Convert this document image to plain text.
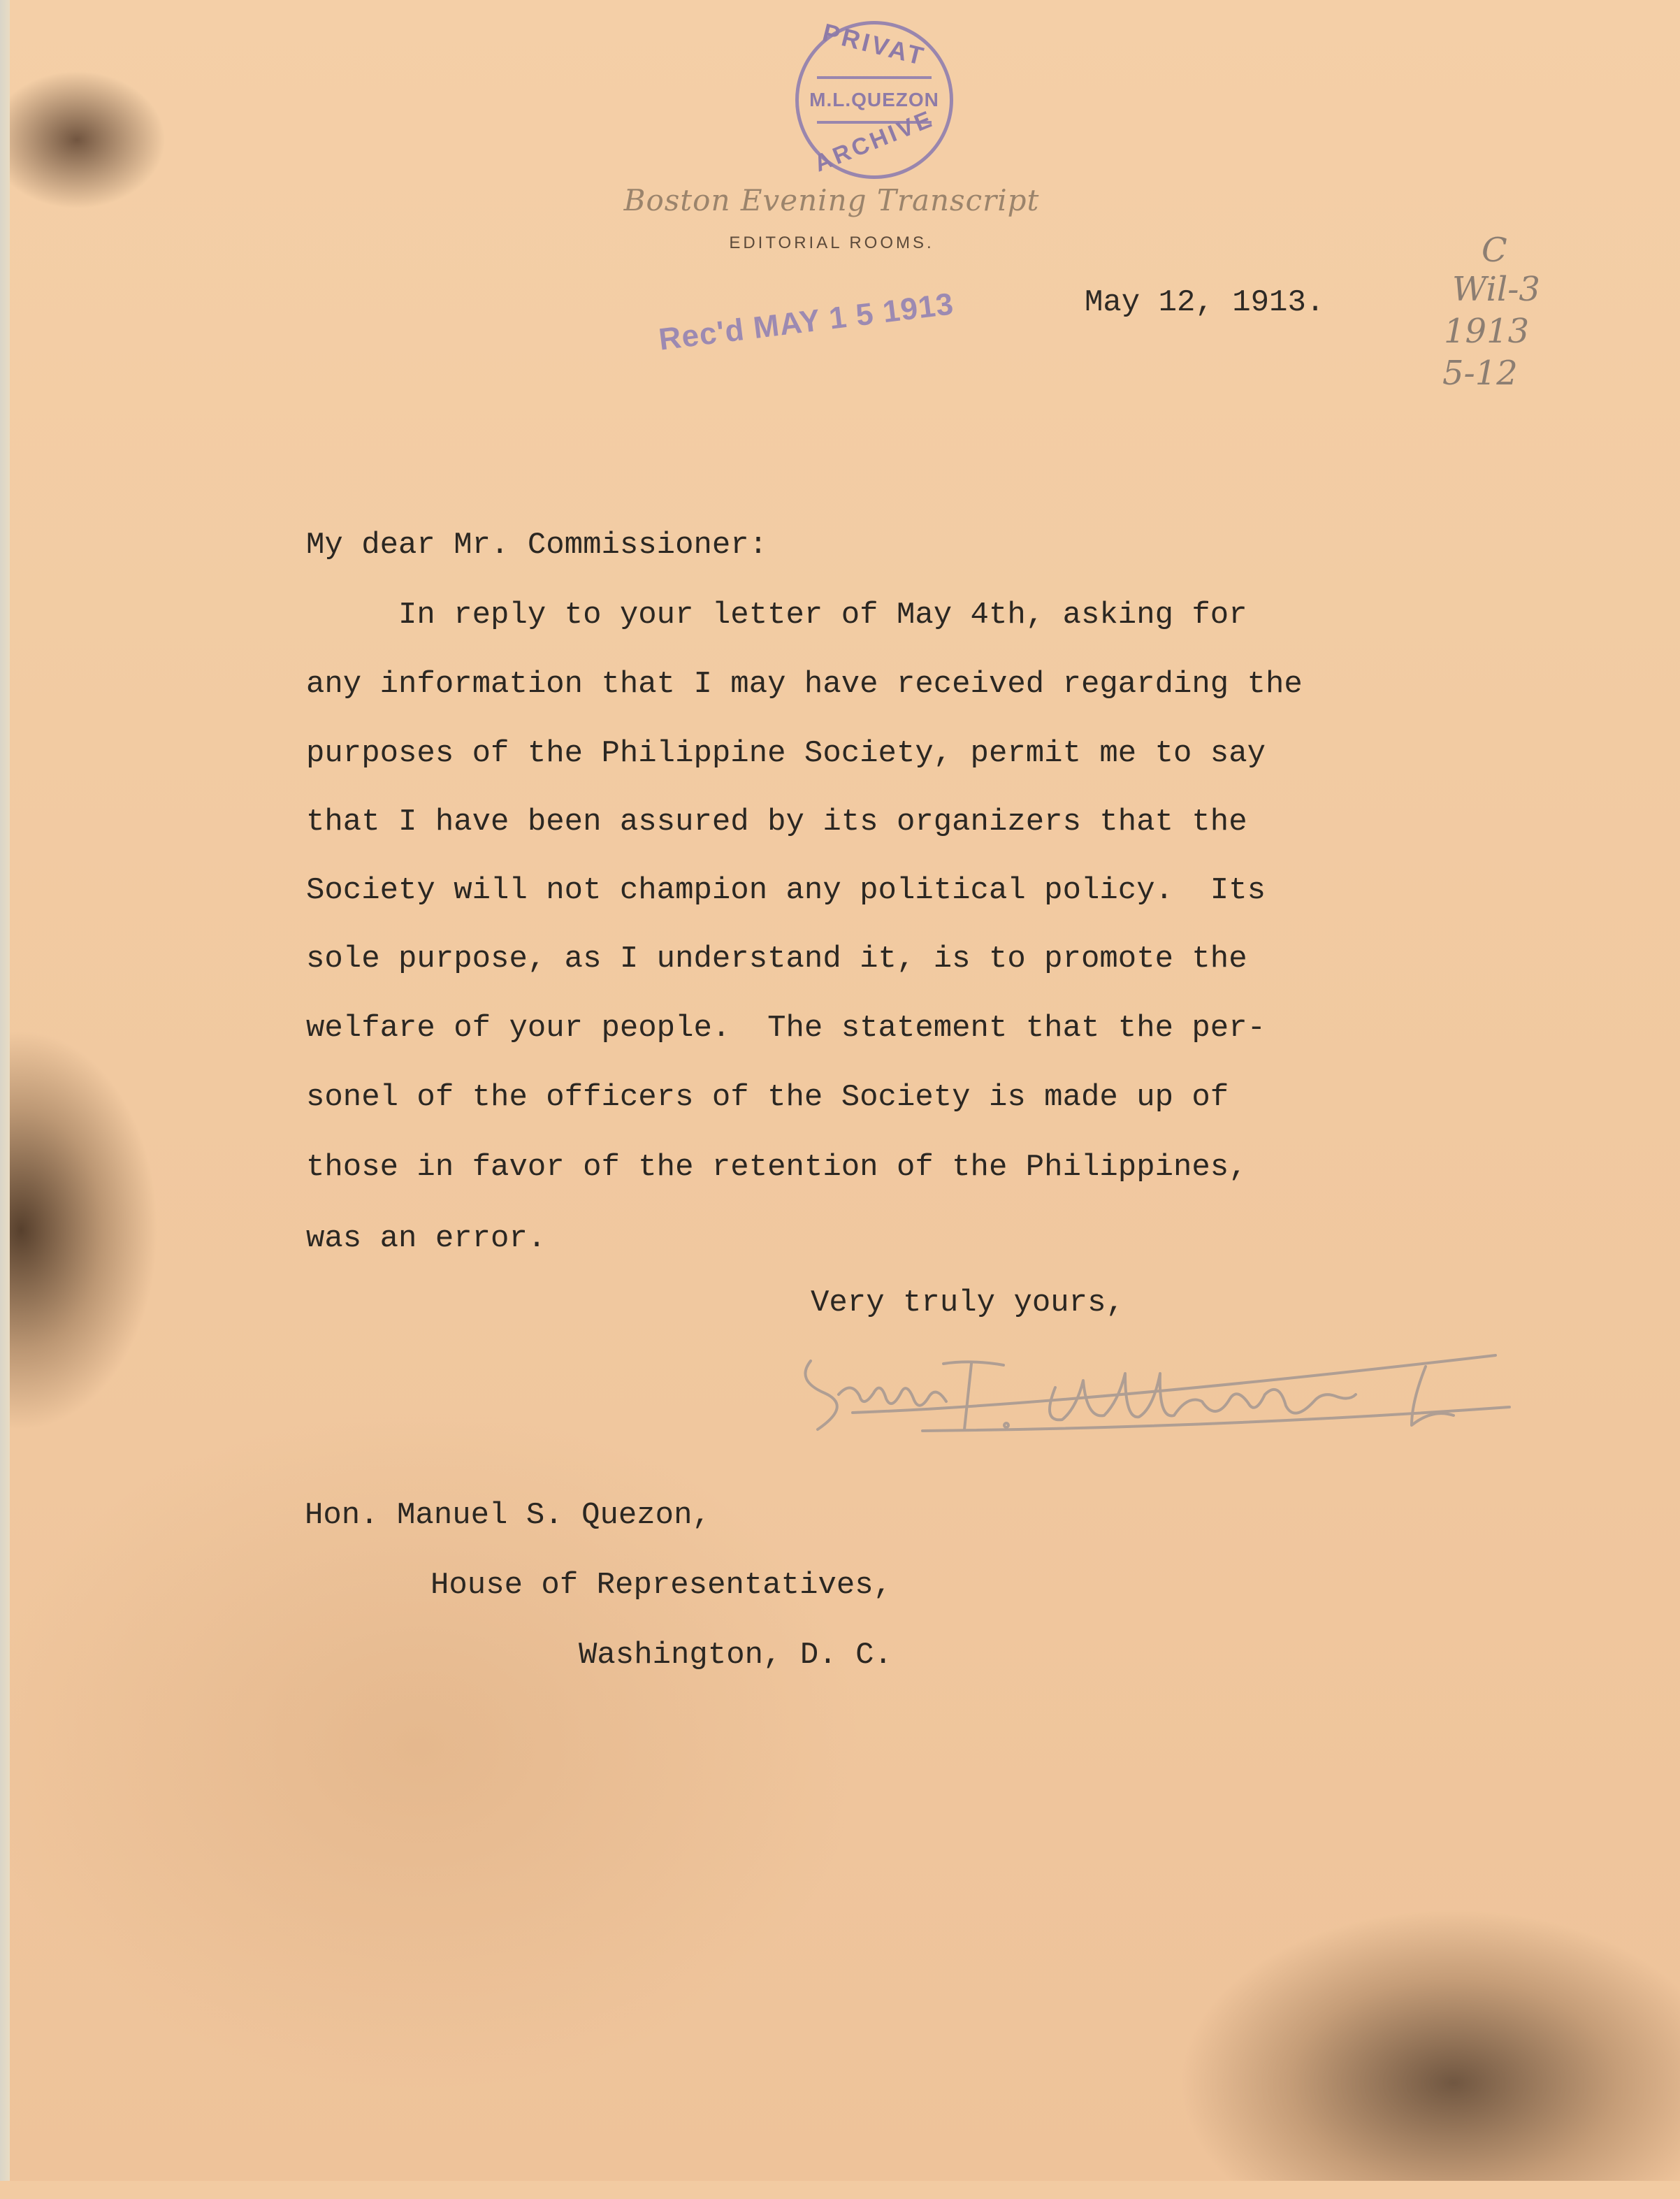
PRIVAT
M.L.QUEZON
ARCHIVE
Boston Evening Transcript
EDITORIAL ROOMS.
Rec'd MAY 1 5 1913	May 12, 1913.
C
Wil-3
1913
5-12
My dear Mr. Commissioner:
In reply to your letter of May 4th, asking for
any information that I may have received regarding the
purposes of the Philippine Society, permit me to say
that I have been assured by its organizers that the
Society will not champion any political policy.  Its
sole purpose, as I understand it, is to promote the
welfare of your people.  The statement that the per-
sonel of the officers of the Society is made up of
those in favor of the retention of the Philippines,
was an error.
Very truly yours,
Hon. Manuel S. Quezon,
House of Representatives,
Washington, D. C.
